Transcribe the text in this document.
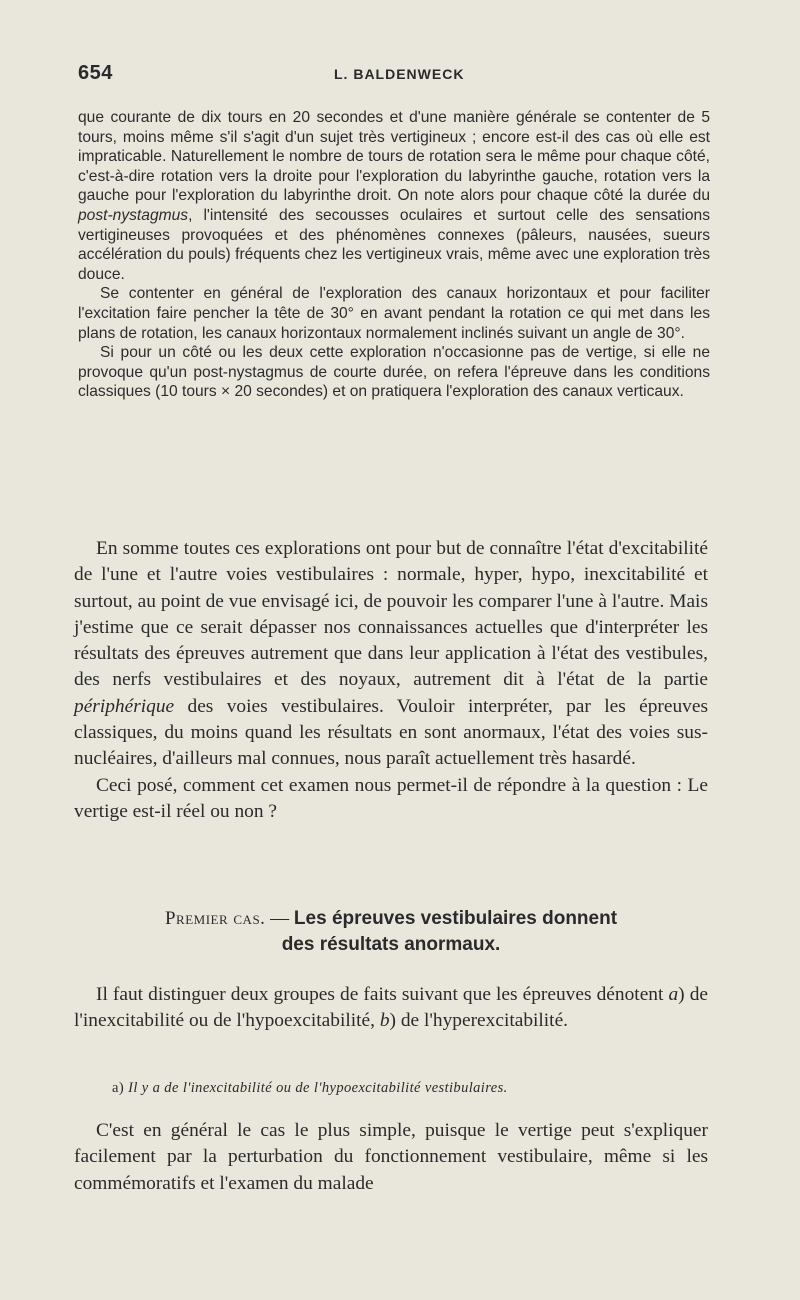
654	L. BALDENWECK

que courante de dix tours en 20 secondes et d'une manière générale se contenter de 5 tours, moins même s'il s'agit d'un sujet très vertigineux ; encore est-il des cas où elle est impraticable. Naturellement le nombre de tours de rotation sera le même pour chaque côté, c'est-à-dire rotation vers la droite pour l'exploration du labyrinthe gauche, rotation vers la gauche pour l'exploration du labyrinthe droit. On note alors pour chaque côté la durée du post-nystagmus, l'intensité des secousses oculaires et surtout celle des sensations vertigineuses provoquées et des phénomènes connexes (pâleurs, nausées, sueurs accélération du pouls) fréquents chez les vertigineux vrais, même avec une exploration très douce.

Se contenter en général de l'exploration des canaux horizontaux et pour faciliter l'excitation faire pencher la tête de 30° en avant pendant la rotation ce qui met dans les plans de rotation, les canaux horizontaux normalement inclinés suivant un angle de 30°.

Si pour un côté ou les deux cette exploration n'occasionne pas de vertige, si elle ne provoque qu'un post-nystagmus de courte durée, on refera l'épreuve dans les conditions classiques (10 tours × 20 secondes) et on pratiquera l'exploration des canaux verticaux.

En somme toutes ces explorations ont pour but de connaître l'état d'excitabilité de l'une et l'autre voies vestibulaires : normale, hyper, hypo, inexcitabilité et surtout, au point de vue envisagé ici, de pouvoir les comparer l'une à l'autre. Mais j'estime que ce serait dépasser nos connaissances actuelles que d'interpréter les résultats des épreuves autrement que dans leur application à l'état des vestibules, des nerfs vestibulaires et des noyaux, autrement dit à l'état de la partie périphérique des voies vestibulaires. Vouloir interpréter, par les épreuves classiques, du moins quand les résultats en sont anormaux, l'état des voies sus-nucléaires, d'ailleurs mal connues, nous paraît actuellement très hasardé.

Ceci posé, comment cet examen nous permet-il de répondre à la question : Le vertige est-il réel ou non ?

Premier cas. — Les épreuves vestibulaires donnent
des résultats anormaux.

Il faut distinguer deux groupes de faits suivant que les épreuves dénotent a) de l'inexcitabilité ou de l'hypoexcitabilité, b) de l'hyperexcitabilité.

a) Il y a de l'inexcitabilité ou de l'hypoexcitabilité vestibulaires.

C'est en général le cas le plus simple, puisque le vertige peut s'expliquer facilement par la perturbation du fonctionnement vestibulaire, même si les commémoratifs et l'examen du malade
